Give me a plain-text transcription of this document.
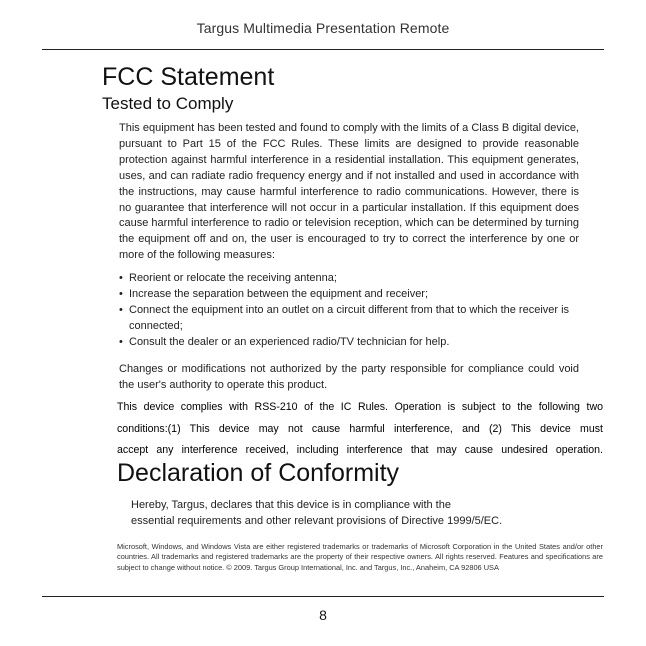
Targus Multimedia Presentation Remote
FCC Statement
Tested to Comply
This equipment has been tested and found to comply with the limits of a Class B digital device, pursuant to Part 15 of the FCC Rules. These limits are designed to provide reasonable protection against harmful interference in a residential installation. This equipment generates, uses, and can radiate radio frequency energy and if not installed and used in accordance with the instructions, may cause harmful interference to radio communications. However, there is no guarantee that interference will not occur in a particular installation. If this equipment does cause harmful interference to radio or television reception, which can be determined by turning the equipment off and on, the user is encouraged to try to correct the interference by one or more of the following measures:
• Reorient or relocate the receiving antenna;
• Increase the separation between the equipment and receiver;
• Connect the equipment into an outlet on a circuit different from that to which the receiver is connected;
• Consult the dealer or an experienced radio/TV technician for help.
Changes or modifications not authorized by the party responsible for compliance could void the user's authority to operate this product.
This device complies with RSS-210 of the IC Rules. Operation is subject to the following two
conditions:(1) This device may not cause harmful interference, and (2) This device must
accept any interference received, including interference that may cause undesired operation.
Declaration of Conformity
Hereby, Targus, declares that this device is in compliance with the
essential requirements and other relevant provisions of Directive 1999/5/EC.
Microsoft, Windows, and Windows Vista are either registered trademarks or trademarks of Microsoft Corporation in the United States and/or other countries. All trademarks and registered trademarks are the property of their respective owners. All rights reserved. Features and specifications are subject to change without notice. © 2009. Targus Group International, Inc. and Targus, Inc., Anaheim, CA 92806 USA
8
